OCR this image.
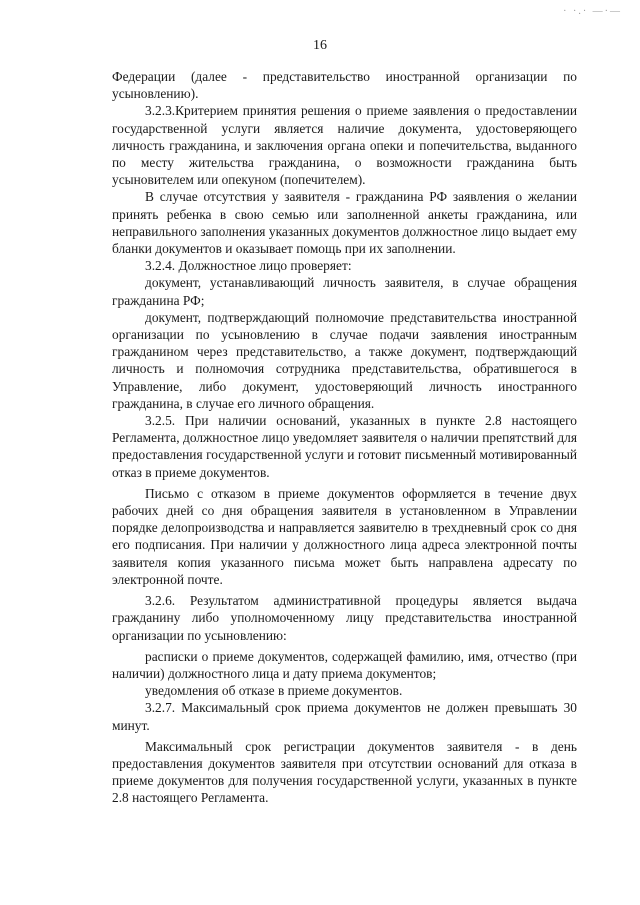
· ·.· —·—
16

Федерации (далее - представительство иностранной организации по усыновлению).

3.2.3.Критерием принятия решения о приеме заявления о предоставлении государственной услуги является наличие документа, удостоверяющего личность гражданина, и заключения органа опеки и попечительства, выданного по месту жительства гражданина, о возможности гражданина быть усыновителем или опекуном (попечителем).

В случае отсутствия у заявителя - гражданина РФ заявления о желании принять ребенка в свою семью или заполненной анкеты гражданина, или неправильного заполнения указанных документов должностное лицо выдает ему бланки документов и оказывает помощь при их заполнении.

3.2.4. Должностное лицо проверяет:

документ, устанавливающий личность заявителя, в случае обращения гражданина РФ;

документ, подтверждающий полномочие представительства иностранной организации по усыновлению в случае подачи заявления иностранным гражданином через представительство, а также документ, подтверждающий личность и полномочия сотрудника представительства, обратившегося в Управление, либо документ, удостоверяющий личность иностранного гражданина, в случае его личного обращения.

3.2.5. При наличии оснований, указанных в пункте 2.8 настоящего Регламента, должностное лицо уведомляет заявителя о наличии препятствий для предоставления государственной услуги и готовит письменный мотивированный отказ в приеме документов.

Письмо с отказом в приеме документов оформляется в течение двух рабочих дней со дня обращения заявителя в установленном в Управлении порядке делопроизводства и направляется заявителю в трехдневный срок со дня его подписания. При наличии у должностного лица адреса электронной почты заявителя копия указанного письма может быть направлена адресату по электронной почте.

3.2.6. Результатом административной процедуры является выдача гражданину либо уполномоченному лицу представительства иностранной организации по усыновлению:

расписки о приеме документов, содержащей фамилию, имя, отчество (при наличии) должностного лица и дату приема документов;

уведомления об отказе в приеме документов.

3.2.7. Максимальный срок приема документов не должен превышать 30 минут.

Максимальный срок регистрации документов заявителя - в день предоставления документов заявителя при отсутствии оснований для отказа в приеме документов для получения государственной услуги, указанных в пункте 2.8 настоящего Регламента.
